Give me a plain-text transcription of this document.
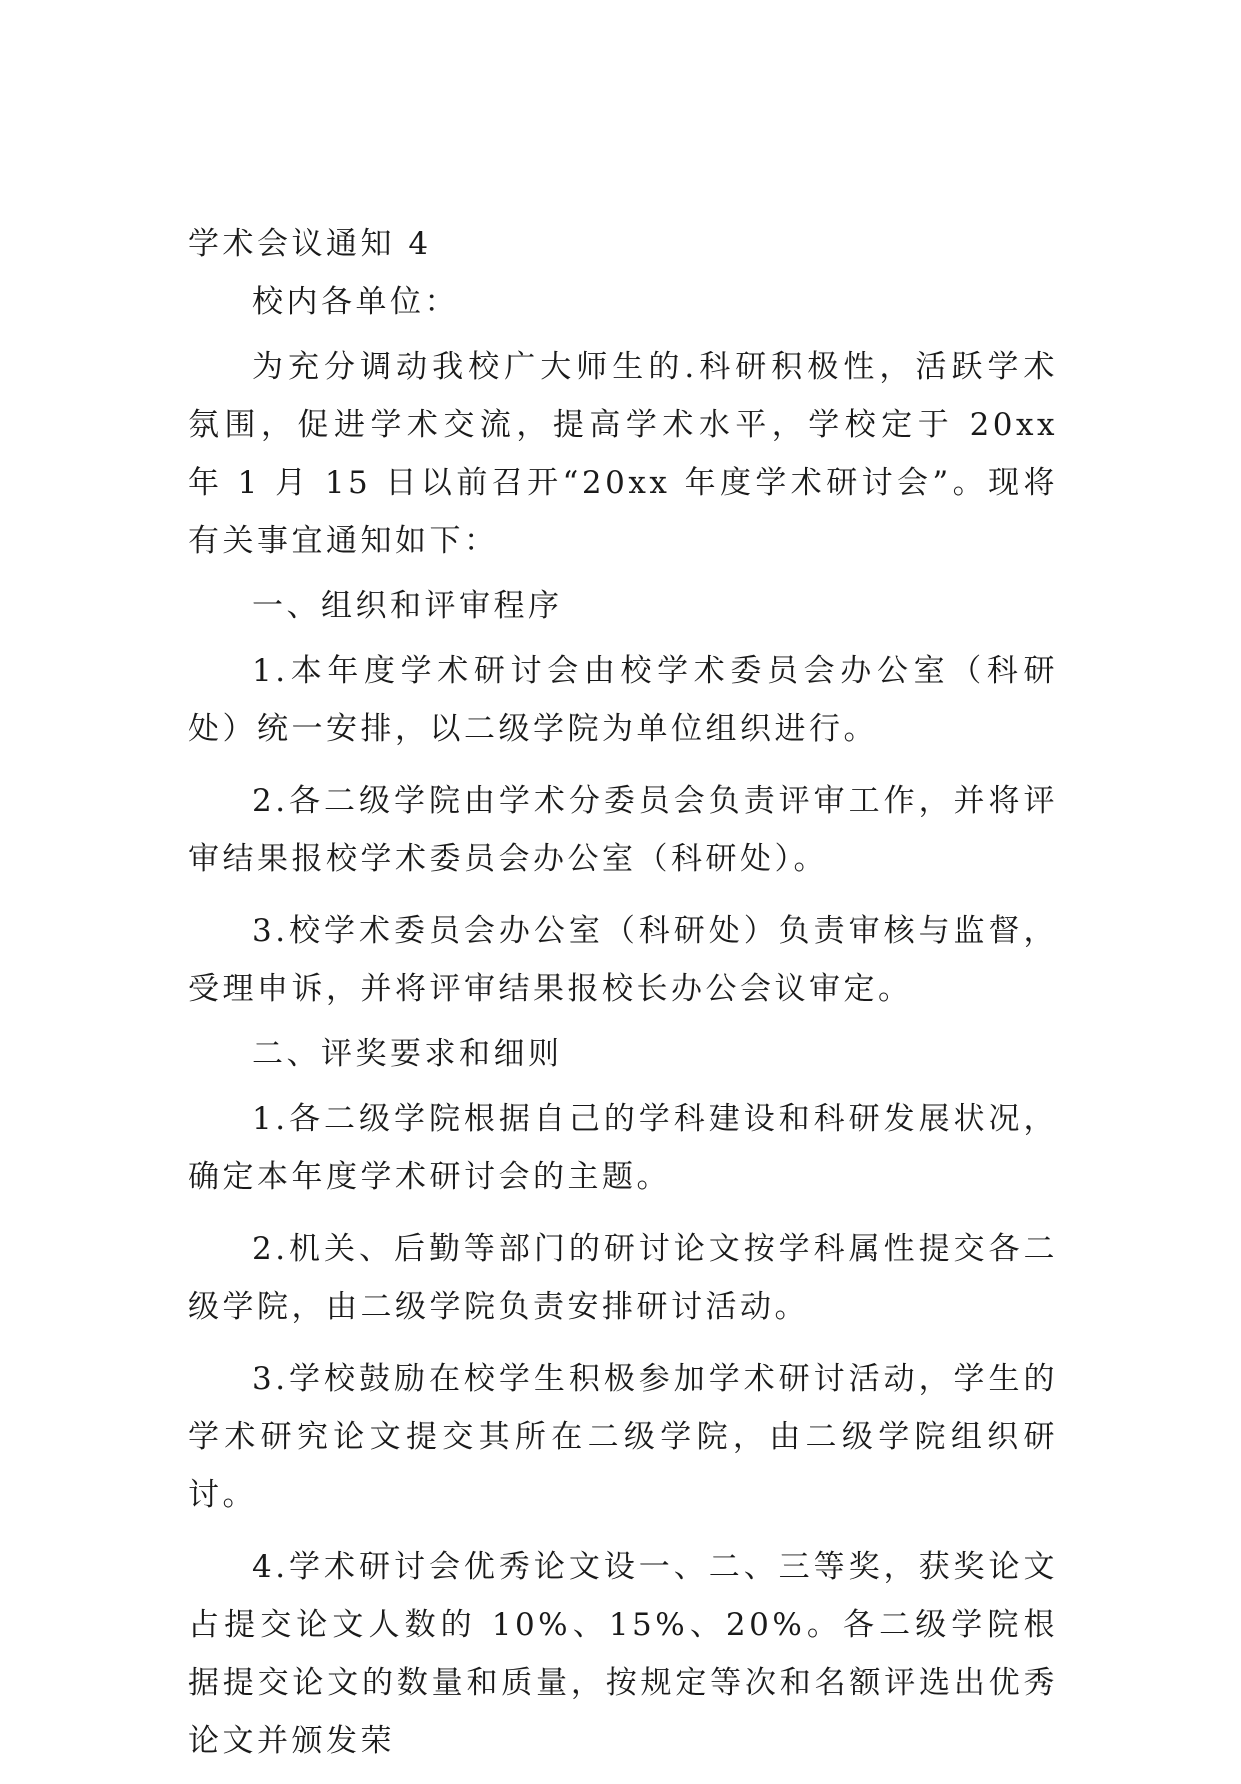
学术会议通知 4

校内各单位：

为充分调动我校广大师生的.科研积极性，活跃学术氛围，促进学术交流，提高学术水平，学校定于 20xx 年 1 月 15 日以前召开“20xx 年度学术研讨会”。现将有关事宜通知如下：

一、组织和评审程序

1.本年度学术研讨会由校学术委员会办公室（科研处）统一安排，以二级学院为单位组织进行。

2.各二级学院由学术分委员会负责评审工作，并将评审结果报校学术委员会办公室（科研处）。

3.校学术委员会办公室（科研处）负责审核与监督，受理申诉，并将评审结果报校长办公会议审定。

二、评奖要求和细则

1.各二级学院根据自己的学科建设和科研发展状况，确定本年度学术研讨会的主题。

2.机关、后勤等部门的研讨论文按学科属性提交各二级学院，由二级学院负责安排研讨活动。

3.学校鼓励在校学生积极参加学术研讨活动，学生的学术研究论文提交其所在二级学院，由二级学院组织研讨。

4.学术研讨会优秀论文设一、二、三等奖，获奖论文占提交论文人数的 10%、15%、20%。各二级学院根据提交论文的数量和质量，按规定等次和名额评选出优秀论文并颁发荣
